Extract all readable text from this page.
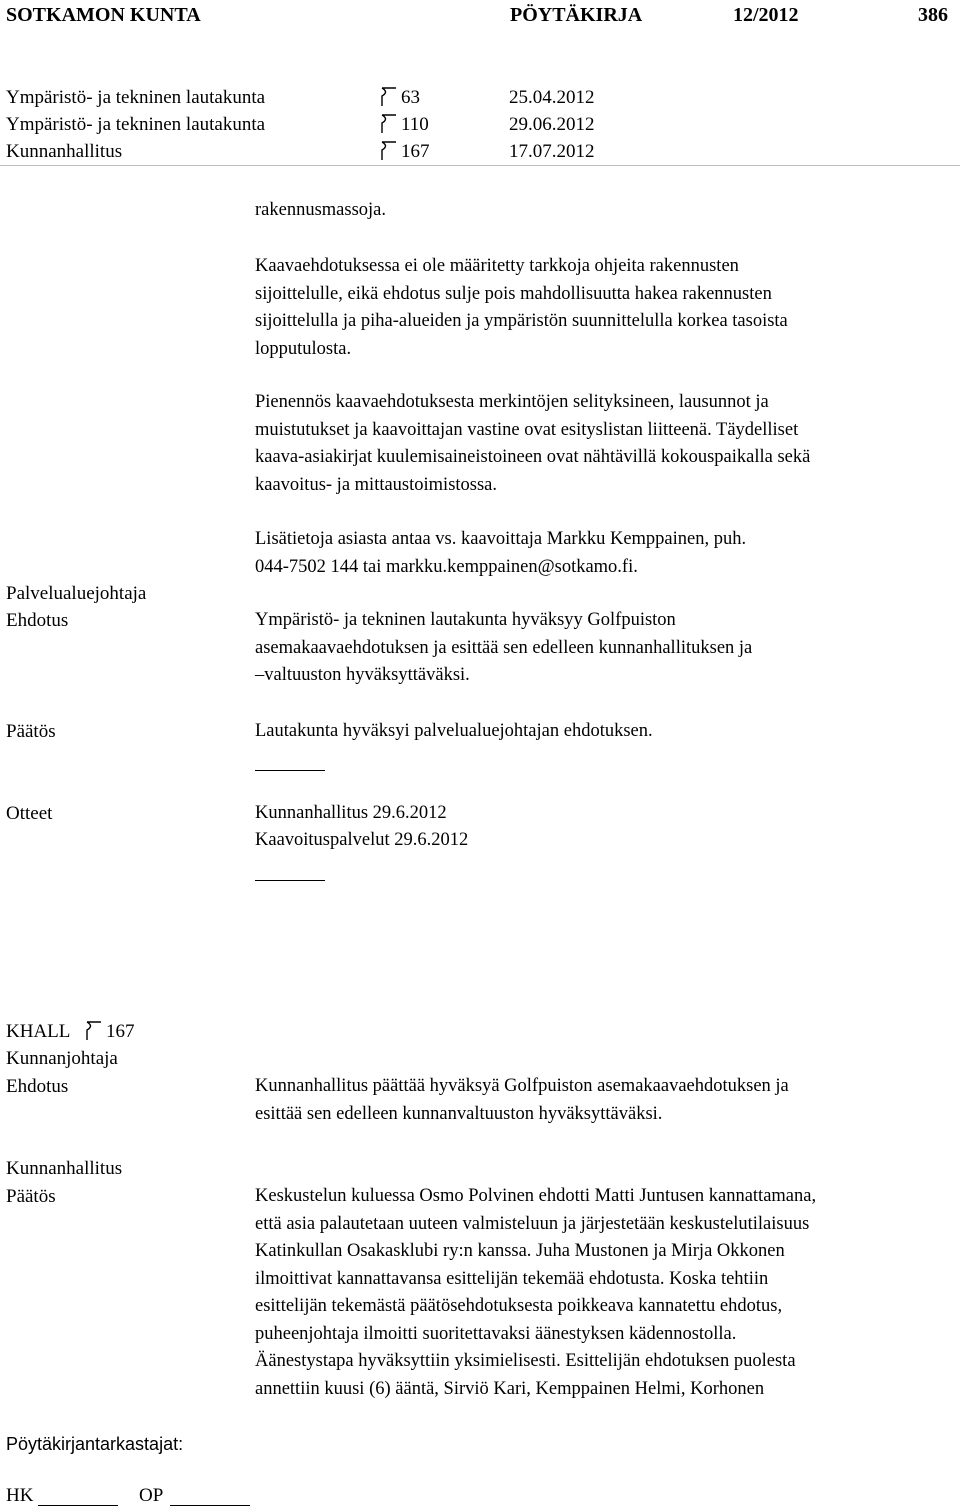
SOTKAMON KUNTA	PÖYTÄKIRJA	12/2012	386
Ympäristö- ja tekninen lautakunta	63	25.04.2012
Ympäristö- ja tekninen lautakunta	110	29.06.2012
Kunnanhallitus	167	17.07.2012
rakennusmassoja.
Kaavaehdotuksessa ei ole määritetty tarkkoja ohjeita rakennusten
sijoittelulle, eikä ehdotus sulje pois mahdollisuutta hakea rakennusten
sijoittelulla ja piha-alueiden ja ympäristön suunnittelulla korkea tasoista
lopputulosta.
Pienennös kaavaehdotuksesta merkintöjen selityksineen, lausunnot ja
muistutukset ja kaavoittajan vastine ovat esityslistan liitteenä. Täydelliset
kaava-asiakirjat kuulemisaineistoineen ovat nähtävillä kokouspaikalla sekä
kaavoitus- ja mittaustoimistossa.
Lisätietoja asiasta antaa vs. kaavoittaja Markku Kemppainen, puh.
044-7502 144 tai markku.kemppainen@sotkamo.fi.
Palvelualuejohtaja
Ehdotus	Ympäristö- ja tekninen lautakunta hyväksyy Golfpuiston
asemakaavaehdotuksen ja esittää sen edelleen kunnanhallituksen ja
–valtuuston hyväksyttäväksi.
Päätös	Lautakunta hyväksyi palvelualuejohtajan ehdotuksen.
Otteet	Kunnanhallitus 29.6.2012
Kaavoituspalvelut 29.6.2012
KHALL 167
Kunnanjohtaja
Ehdotus	Kunnanhallitus päättää hyväksyä Golfpuiston asemakaavaehdotuksen ja
esittää sen edelleen kunnanvaltuuston hyväksyttäväksi.
Kunnanhallitus
Päätös	Keskustelun kuluessa Osmo Polvinen ehdotti Matti Juntusen kannattamana,
että asia palautetaan uuteen valmisteluun ja järjestetään keskustelutilaisuus
Katinkullan Osakasklubi ry:n kanssa. Juha Mustonen ja Mirja Okkonen
ilmoittivat kannattavansa esittelijän tekemää ehdotusta. Koska tehtiin
esittelijän tekemästä päätösehdotuksesta poikkeava kannatettu ehdotus,
puheenjohtaja ilmoitti suoritettavaksi äänestyksen kädennostolla.
Äänestystapa hyväksyttiin yksimielisesti. Esittelijän ehdotuksen puolesta
annettiin kuusi (6) ääntä, Sirviö Kari, Kemppainen Helmi, Korhonen
Pöytäkirjantarkastajat:
HK	OP
